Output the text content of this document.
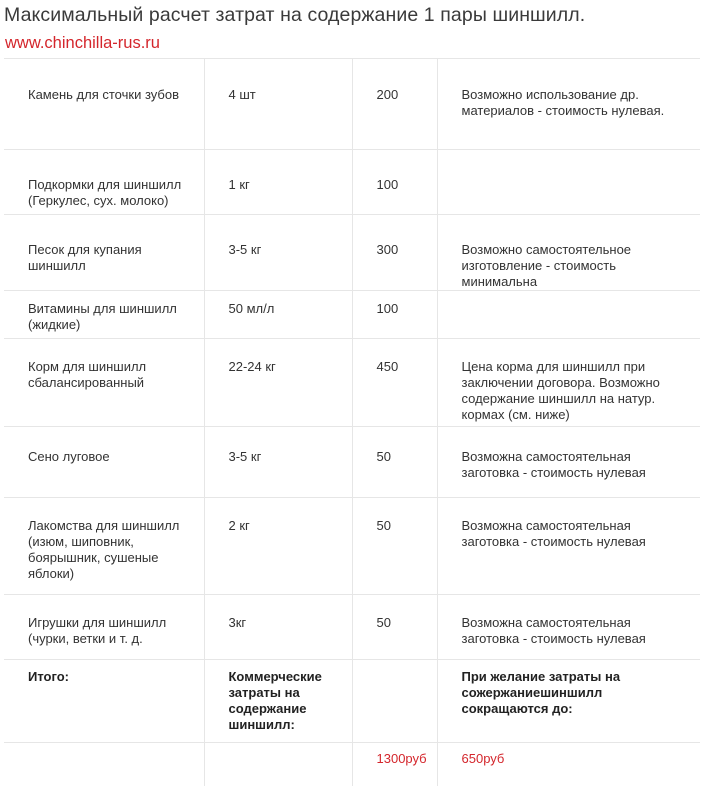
Максимальный расчет затрат на содержание 1 пары шиншилл.
www.chinchilla-rus.ru
Камень для сточки зубов	4 шт	200	Возможно использование др. материалов - стоимость нулевая.

Подкормки для шиншилл (Геркулес, сух. молоко)	1 кг	100	

Песок для купания шиншилл	3-5 кг	300	Возможно самостоятельное изготовление - стоимость минимальна

Витамины для шиншилл (жидкие)	50 мл/л	100	

Корм для шиншилл сбалансированный	22-24 кг	450	Цена корма для шиншилл при заключении договора. Возможно содержание шиншилл на натур. кормах (см. ниже)

Сено луговое	3-5 кг	50	Возможна самостоятельная заготовка - стоимость нулевая

Лакомства для шиншилл (изюм, шиповник, боярышник, сушеные яблоки)	2 кг	50	Возможна самостоятельная заготовка - стоимость нулевая

Игрушки для шиншилл (чурки, ветки и т. д.	3кг	50	Возможна самостоятельная заготовка - стоимость нулевая

Итого:	Коммерческие затраты на содержание шиншилл:		При желание затраты на сожержаниешиншилл сокращаются до:

		1300руб	650руб
